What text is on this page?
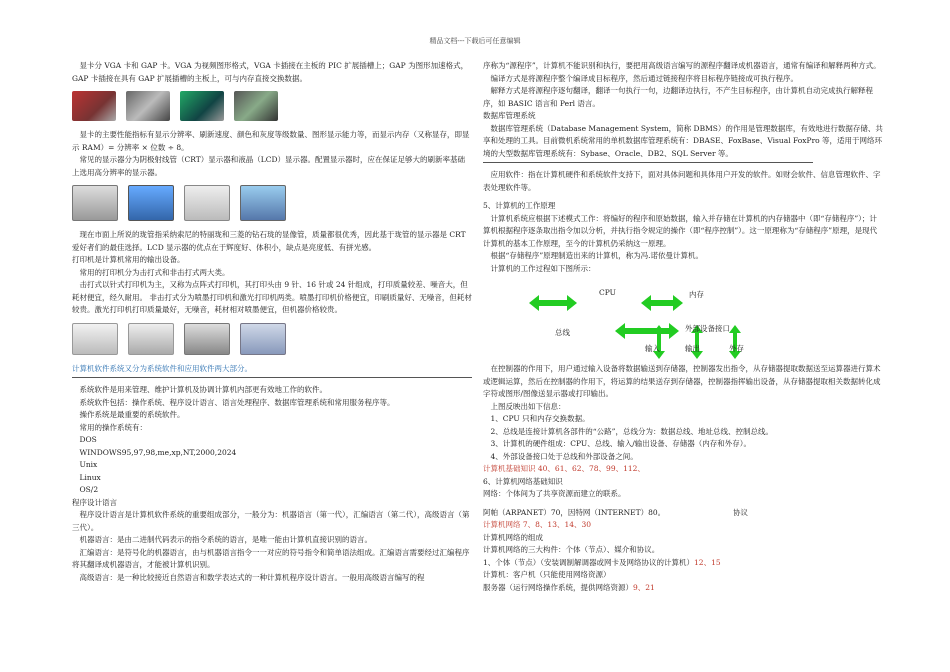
精品文档---下载后可任意编辑

显卡分 VGA 卡和 GAP 卡。VGA 为视频图形格式，VGA 卡插接在主板的 PIC 扩展插槽上；GAP 为图形加速格式，GAP 卡插接在具有 GAP 扩展插槽的主板上，可与内存直接交换数据。

显卡的主要性能指标有显示分辨率、刷新速度、颜色和灰度等级数量、图形显示能力等，而显示内存（又称显存，即显示 RAM）= 分辨率 × 位数 ÷ 8。

常见的显示器分为阴极射线管（CRT）显示器和液晶（LCD）显示器。配置显示器时，应在保证足够大的刷新率基础上选用高分辨率的显示器。

现在市面上所说的珑管指采纳索尼的特丽珑和三菱的钻石珑的显像管，质量都很优秀，因此基于珑管的显示器是 CRT 爱好者们的最佳选择。LCD 显示器的优点在于辉度好、体积小，缺点是亮度低、有拼光感。

打印机是计算机常用的输出设备。

常用的打印机分为击打式和非击打式两大类。

击打式以针式打印机为主，又称为点阵式打印机，其打印头由 9 针、16 针或 24 针组成，打印质量较差、噪音大，但耗材便宜，经久耐用。 非击打式分为喷墨打印机和激光打印机两类。喷墨打印机价格便宜，印刷质量好、无噪音，但耗材较贵。激光打印机打印质量最好，无噪音，耗材相对喷墨便宜，但机器价格较贵。

计算机软件系统又分为系统软件和应用软件两大部分。

系统软件是用来管理、维护计算机及协调计算机内部更有效地工作的软件。

系统软件包括：操作系统、程序设计语言、语言处理程序、数据库管理系统和常用服务程序等。

操作系统是最重要的系统软件。

常用的操作系统有：

DOS

WINDOWS95,97,98,me,xp,NT,2000,2024

Unix

Linux

OS/2

程序设计语言

程序设计语言是计算机软件系统的重要组成部分，一般分为：机器语言（第一代），汇编语言（第二代），高级语言（第三代）。

机器语言：是由二进制代码表示的指令系统的语言，是唯一能由计算机直接识别的语言。

汇编语言：是符号化的机器语言，由与机器语言指令一一对应的符号指令和简单语法组成。汇编语言需要经过汇编程序将其翻译成机器语言，才能被计算机识别。

高级语言：是一种比较接近自然语言和数学表达式的一种计算机程序设计语言。一般用高级语言编写的程

序称为“源程序”，计算机不能识别和执行，要把用高级语言编写的源程序翻译成机器语言，通常有编译和解释两种方式。

编译方式是将源程序整个编译成目标程序，然后通过链接程序将目标程序链接成可执行程序。

解释方式是将源程序逐句翻译，翻译一句执行一句，边翻译边执行，不产生目标程序，由计算机自动完成执行解释程序，如 BASIC 语言和 Perl 语言。

数据库管理系统

数据库管理系统（Database Management System，简称 DBMS）的作用是管理数据库，有效地进行数据存储、共享和处理的工具。目前微机系统常用的单机数据库管理系统有：DBASE、FoxBase、Visual FoxPro 等，适用于网络环境的大型数据库管理系统有：Sybase、Oracle、DB2、SQL Server 等。

应用软件：指在计算机硬件和系统软件支持下，面对具体问题和具体用户开发的软件。如财会软件、信息管理软件、字表处理软件等。

5、计算机的工作原理

计算机系统应根据下述模式工作：将编好的程序和原始数据，输入并存储在计算机的内存储器中（即“存储程序”）；计算机根据程序逐条取出指令加以分析，并执行指令规定的操作（即“程序控制”）。这一原理称为“存储程序”原理，是现代计算机的基本工作原理，至今的计算机仍采纳这一原理。

根据“存储程序”原理制造出来的计算机，称为冯.诺依曼计算机。

计算机的工作过程如下图所示：

CPU	内存
总线	外部设备接口
输入	输出	外存

在控制器的作用下，用户通过输入设备将数据输送到存储器，控制器发出指令，从存储器提取数据送至运算器进行算术或逻辑运算，然后在控制器的作用下，将运算的结果送存到存储器，控制器指挥输出设备，从存储器提取相关数据转化成字符或图形/图像送显示器或打印输出。

上图反映出如下信息：

1、CPU 只和内存交换数据。

2、总线是连接计算机各部件的“公路”，总线分为：数据总线、地址总线、控制总线。

3、计算机的硬件组成：CPU、总线、输入/输出设备、存储器（内存和外存）。

4、外部设备接口处于总线和外部设备之间。

计算机基础知识 40、61、62、78、99、112、

6、计算机网络基础知识

网络：个体间为了共享资源而建立的联系。

阿帕（ARPANET）70，因特网（INTERNET）80。	协议

计算机网络 7、8、13、14、30

计算机网络的组成

计算机网络的三大构件：个体（节点）、媒介和协议。

1、个体（节点）（安装调制解调器或网卡及网络协议的计算机）12、15

计算机：客户机（只能使用网络资源）

服务器（运行网络操作系统，提供网络资源）9、21
